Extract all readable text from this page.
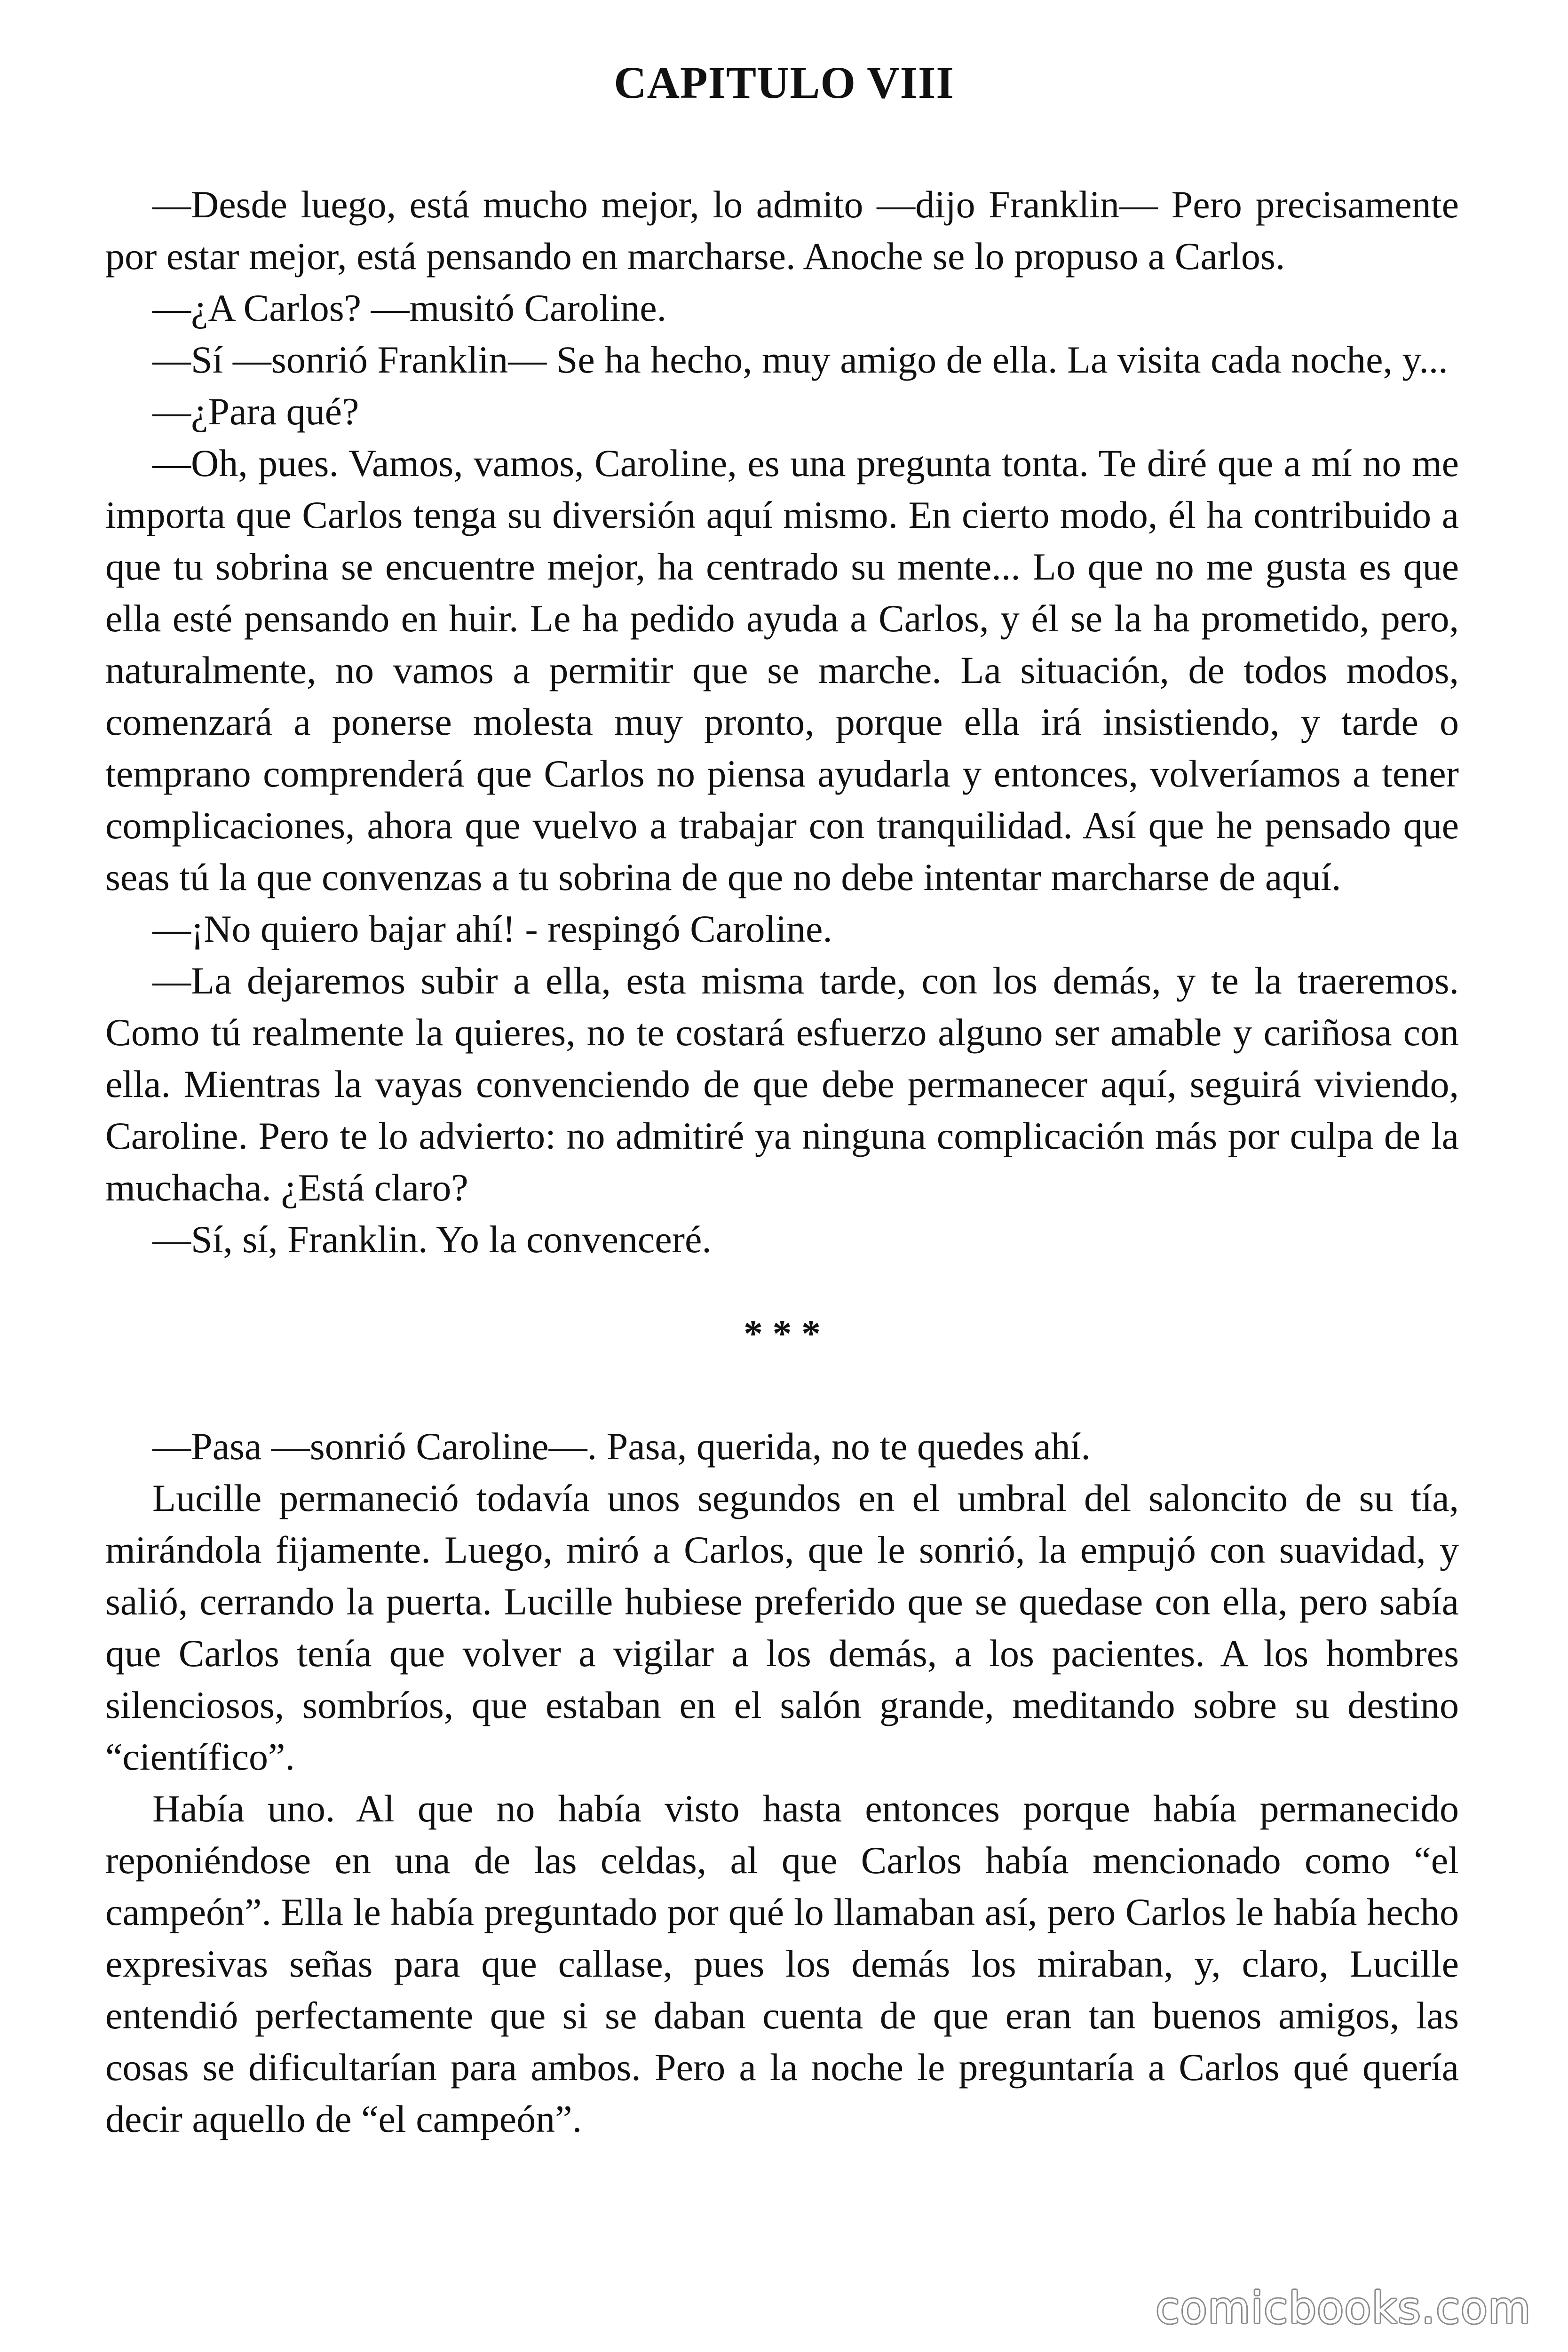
CAPITULO VIII

—Desde luego, está mucho mejor, lo admito —dijo Franklin— Pero precisamente por estar mejor, está pensando en marcharse. Anoche se lo propuso a Carlos.

—¿A Carlos? —musitó Caroline.

—Sí —sonrió Franklin— Se ha hecho, muy amigo de ella. La visita cada noche, y...

—¿Para qué?

—Oh, pues. Vamos, vamos, Caroline, es una pregunta tonta. Te diré que a mí no me importa que Carlos tenga su diversión aquí mismo. En cierto modo, él ha contribuido a que tu sobrina se encuentre mejor, ha centrado su mente... Lo que no me gusta es que ella esté pensando en huir. Le ha pedido ayuda a Carlos, y él se la ha prometido, pero, naturalmente, no vamos a permitir que se marche. La situación, de todos modos, comenzará a ponerse molesta muy pronto, porque ella irá insistiendo, y tarde o temprano comprenderá que Carlos no piensa ayudarla y entonces, volveríamos a tener complicaciones, ahora que vuelvo a trabajar con tranquilidad. Así que he pensado que seas tú la que convenzas a tu sobrina de que no debe intentar marcharse de aquí.

—¡No quiero bajar ahí! - respingó Caroline.

—La dejaremos subir a ella, esta misma tarde, con los demás, y te la traeremos. Como tú realmente la quieres, no te costará esfuerzo alguno ser amable y cariñosa con ella. Mientras la vayas convenciendo de que debe permanecer aquí, seguirá viviendo, Caroline. Pero te lo advierto: no admitiré ya ninguna complicación más por culpa de la muchacha. ¿Está claro?

—Sí, sí, Franklin. Yo la convenceré.

* * *

—Pasa —sonrió Caroline—. Pasa, querida, no te quedes ahí.

Lucille permaneció todavía unos segundos en el umbral del saloncito de su tía, mirándola fijamente. Luego, miró a Carlos, que le sonrió, la empujó con suavidad, y salió, cerrando la puerta. Lucille hubiese preferido que se quedase con ella, pero sabía que Carlos tenía que volver a vigilar a los demás, a los pacientes. A los hombres silenciosos, sombríos, que estaban en el salón grande, meditando sobre su destino “científico”.

Había uno. Al que no había visto hasta entonces porque había permanecido reponiéndose en una de las celdas, al que Carlos había mencionado como “el campeón”. Ella le había preguntado por qué lo llamaban así, pero Carlos le había hecho expresivas señas para que callase, pues los demás los miraban, y, claro, Lucille entendió perfectamente que si se daban cuenta de que eran tan buenos amigos, las cosas se dificultarían para ambos. Pero a la noche le preguntaría a Carlos qué quería decir aquello de “el campeón”.

comicbooks.com
